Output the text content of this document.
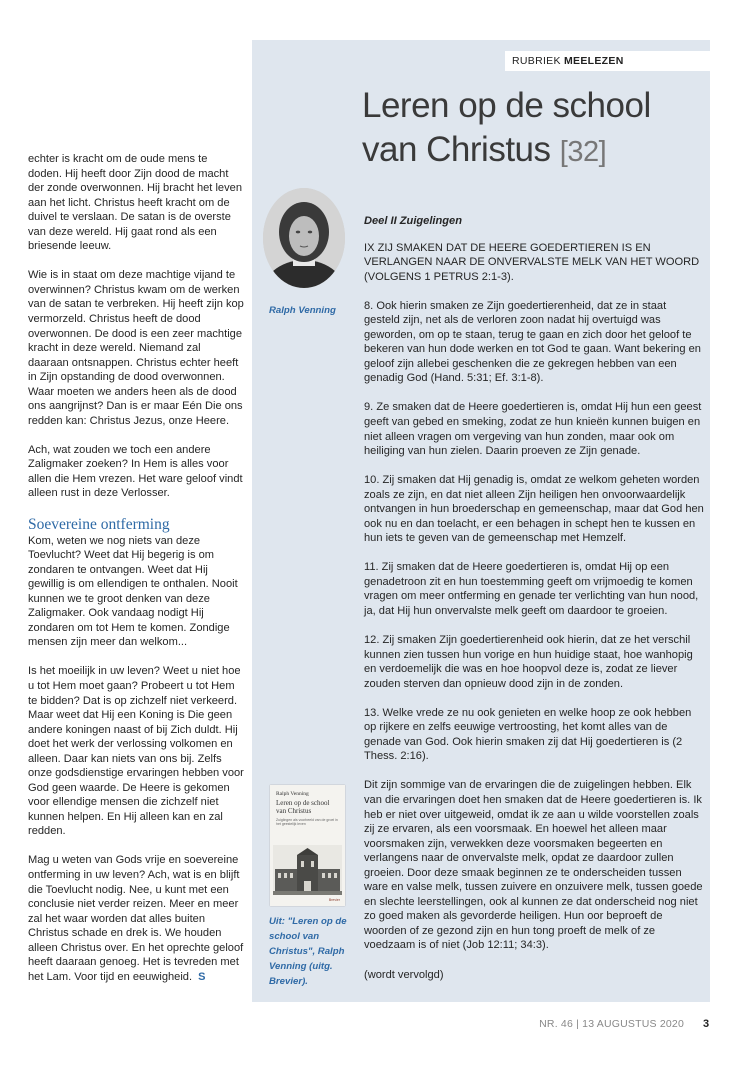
echter is kracht om de oude mens te doden. Hij heeft door Zijn dood de macht der zonde overwonnen. Hij bracht het leven aan het licht. Christus heeft kracht om de duivel te verslaan. De satan is de overste van deze wereld. Hij gaat rond als een briesende leeuw.

Wie is in staat om deze machtige vijand te overwinnen? Christus kwam om de werken van de satan te verbreken. Hij heeft zijn kop vermorzeld. Christus heeft de dood overwonnen. De dood is een zeer machtige kracht in deze wereld. Niemand zal daaraan ontsnappen. Christus echter heeft in Zijn opstanding de dood overwonnen. Waar moeten we anders heen als de dood ons aangrijnst? Dan is er maar Eén Die ons redden kan: Christus Jezus, onze Heere.

Ach, wat zouden we toch een andere Zaligmaker zoeken? In Hem is alles voor allen die Hem vrezen. Het ware geloof vindt alleen rust in deze Verlosser.

Soevereine ontferming

Kom, weten we nog niets van deze Toevlucht? Weet dat Hij begerig is om zondaren te ontvangen. Weet dat Hij gewillig is om ellendigen te onthalen. Nooit kunnen we te groot denken van deze Zaligmaker. Ook vandaag nodigt Hij zondaren om tot Hem te komen. Zondige mensen zijn meer dan welkom...

Is het moeilijk in uw leven? Weet u niet hoe u tot Hem moet gaan? Probeert u tot Hem te bidden? Dat is op zichzelf niet verkeerd. Maar weet dat Hij een Koning is Die geen andere koningen naast of bij Zich duldt. Hij doet het werk der verlossing volkomen en alleen. Daar kan niets van ons bij. Zelfs onze godsdienstige ervaringen hebben voor God geen waarde. De Heere is gekomen voor ellendige mensen die zichzelf niet kunnen helpen. En Hij alleen kan en zal redden.

Mag u weten van Gods vrije en soevereine ontferming in uw leven? Ach, wat is en blijft die Toevlucht nodig. Nee, u kunt met een conclusie niet verder reizen. Meer en meer zal het waar worden dat alles buiten Christus schade en drek is. We houden alleen Christus over. En het oprechte geloof heeft daaraan genoeg. Het is tevreden met het Lam. Voor tijd en eeuwigheid. S

RUBRIEK MEELEZEN
Leren op de school
van Christus [32]
Ralph Venning

Deel II Zuigelingen

IX ZIJ SMAKEN DAT DE HEERE GOEDERTIEREN IS EN VERLANGEN NAAR DE ONVERVALSTE MELK VAN HET WOORD (VOLGENS 1 PETRUS 2:1-3).

8. Ook hierin smaken ze Zijn goedertierenheid, dat ze in staat gesteld zijn, net als de verloren zoon nadat hij overtuigd was geworden, om op te staan, terug te gaan en zich door het geloof te bekeren van hun dode werken en tot God te gaan. Want bekering en geloof zijn allebei geschenken die ze gekregen hebben van een genadig God (Hand. 5:31; Ef. 3:1-8).

9. Ze smaken dat de Heere goedertieren is, omdat Hij hun een geest geeft van gebed en smeking, zodat ze hun knieën kunnen buigen en niet alleen vragen om vergeving van hun zonden, maar ook om heiliging van hun zielen. Daarin proeven ze Zijn genade.

10. Zij smaken dat Hij genadig is, omdat ze welkom geheten worden zoals ze zijn, en dat niet alleen Zijn heiligen hen onvoorwaardelijk ontvangen in hun broederschap en gemeenschap, maar dat God hen ook nu en dan toelacht, er een behagen in schept hen te kussen en hun iets te geven van de gemeenschap met Hemzelf.

11. Zij smaken dat de Heere goedertieren is, omdat Hij op een genadetroon zit en hun toestemming geeft om vrijmoedig te komen vragen om meer ontferming en genade ter verlichting van hun nood, ja, dat Hij hun onvervalste melk geeft om daardoor te groeien.

12. Zij smaken Zijn goedertierenheid ook hierin, dat ze het verschil kunnen zien tussen hun vorige en hun huidige staat, hoe wanhopig en verdoemelijk die was en hoe hoopvol deze is, zodat ze liever zouden sterven dan opnieuw dood zijn in de zonden.

13. Welke vrede ze nu ook genieten en welke hoop ze ook hebben op rijkere en zelfs eeuwige vertroosting, het komt alles van de genade van God. Ook hierin smaken zij dat Hij goedertieren is (2 Thess. 2:16).

Dit zijn sommige van de ervaringen die de zuigelingen hebben. Elk van die ervaringen doet hen smaken dat de Heere goedertieren is. Ik heb er niet over uitgeweid, omdat ik ze aan u wilde voorstellen zoals zij ze ervaren, als een voorsmaak. En hoewel het alleen maar voorsmaken zijn, verwekken deze voorsmaken begeerten en verlangens naar de onvervalste melk, opdat ze daardoor zullen groeien. Door deze smaak beginnen ze te onderscheiden tussen ware en valse melk, tussen zuivere en onzuivere melk, tussen goede en slechte leerstellingen, ook al kunnen ze dat onderscheid nog niet zo goed maken als gevorderde heiligen. Hun oor beproeft de woorden of ze gezond zijn en hun tong proeft de melk of ze voedzaam is of niet (Job 12:11; 34:3).

(wordt vervolgd)

Ralph Venning
Leren op de school van Christus
Zuiglingen als voorbeeld van de groei in het geestelijk leven
Brevier
Uit: "Leren op de school van Christus", Ralph Venning (uitg. Brevier).
NR. 46 | 13 AUGUSTUS 2020 3
